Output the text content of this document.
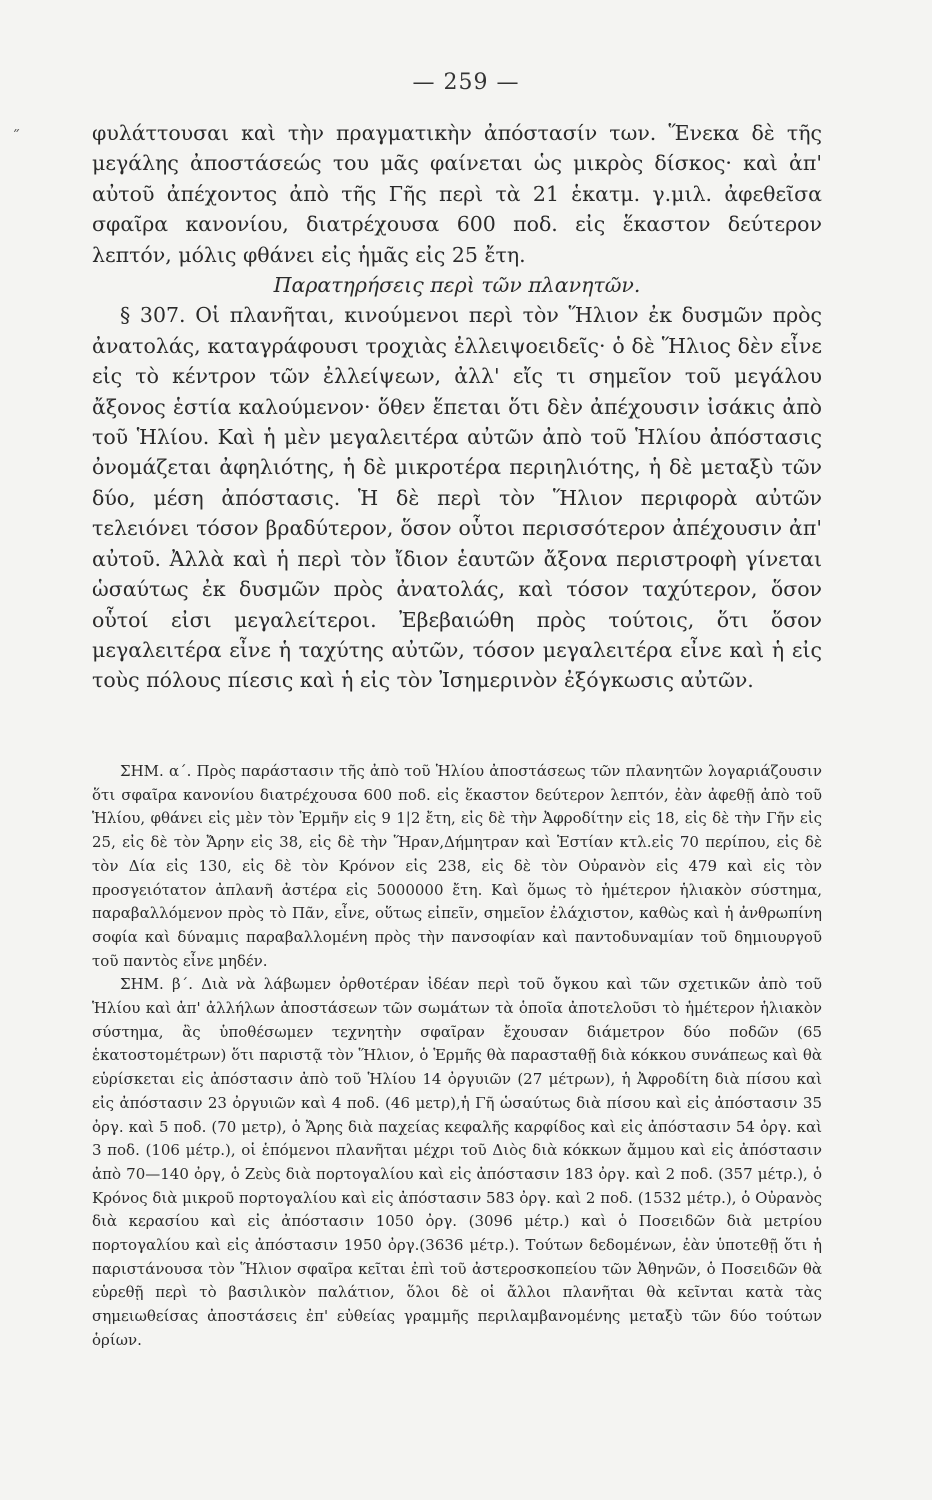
˝
— 259 —

φυλάττουσαι καὶ τὴν πραγματικὴν ἀπόστασίν των. Ἕνεκα δὲ τῆς μεγάλης ἀποστάσεώς του μᾶς φαίνεται ὡς μικρὸς δίσκος· καὶ ἀπ' αὐτοῦ ἀπέχοντος ἀπὸ τῆς Γῆς περὶ τὰ 21 ἑκατμ. γ.μιλ. ἀφεθεῖσα σφαῖρα κανονίου, διατρέχουσα 600 ποδ. εἰς ἕκαστον δεύτερον λεπτόν, μόλις φθάνει εἰς ἡμᾶς εἰς 25 ἔτη.

Παρατηρήσεις περὶ τῶν πλανητῶν.

§ 307. Οἱ πλανῆται, κινούμενοι περὶ τὸν Ἥλιον ἐκ δυσμῶν πρὸς ἀνατολάς, καταγράφουσι τροχιὰς ἐλλειψοειδεῖς· ὁ δὲ Ἥλιος δὲν εἶνε εἰς τὸ κέντρον τῶν ἐλλείψεων, ἀλλ' εἴς τι σημεῖον τοῦ μεγάλου ἄξονος ἑστία καλούμενον· ὅθεν ἕπεται ὅτι δὲν ἀπέχουσιν ἰσάκις ἀπὸ τοῦ Ἡλίου. Καὶ ἡ μὲν μεγαλειτέρα αὐτῶν ἀπὸ τοῦ Ἡλίου ἀπόστασις ὀνομάζεται ἀφηλιότης, ἡ δὲ μικροτέρα περιηλιότης, ἡ δὲ μεταξὺ τῶν δύο, μέση ἀπόστασις. Ἡ δὲ περὶ τὸν Ἥλιον περιφορὰ αὐτῶν τελειόνει τόσον βραδύτερον, ὅσον οὗτοι περισσότερον ἀπέχουσιν ἀπ' αὐτοῦ. Ἀλλὰ καὶ ἡ περὶ τὸν ἴδιον ἑαυτῶν ἄξονα περιστροφὴ γίνεται ὡσαύτως ἐκ δυσμῶν πρὸς ἀνατολάς, καὶ τόσον ταχύτερον, ὅσον οὗτοί εἰσι μεγαλείτεροι. Ἐβεβαιώθη πρὸς τούτοις, ὅτι ὅσον μεγαλειτέρα εἶνε ἡ ταχύτης αὐτῶν, τόσον μεγαλειτέρα εἶνε καὶ ἡ εἰς τοὺς πόλους πίεσις καὶ ἡ εἰς τὸν Ἰσημερινὸν ἐξόγκωσις αὐτῶν.

ΣΗΜ. α΄. Πρὸς παράστασιν τῆς ἀπὸ τοῦ Ἡλίου ἀποστάσεως τῶν πλανητῶν λογαριάζουσιν ὅτι σφαῖρα κανονίου διατρέχουσα 600 ποδ. εἰς ἕκαστον δεύτερον λεπτόν, ἐὰν ἀφεθῇ ἀπὸ τοῦ Ἡλίου, φθάνει εἰς μὲν τὸν Ἑρμῆν εἰς 9 1|2 ἔτη, εἰς δὲ τὴν Ἀφροδίτην εἰς 18, εἰς δὲ τὴν Γῆν εἰς 25, εἰς δὲ τὸν Ἄρην εἰς 38, εἰς δὲ τὴν Ἥραν,Δήμητραν καὶ Ἑστίαν κτλ.εἰς 70 περίπου, εἰς δὲ τὸν Δία εἰς 130, εἰς δὲ τὸν Κρόνον εἰς 238, εἰς δὲ τὸν Οὐρανὸν εἰς 479 καὶ εἰς τὸν προσγειότατον ἀπλανῆ ἀστέρα εἰς 5000000 ἔτη. Καὶ ὅμως τὸ ἡμέτερον ἡλιακὸν σύστημα, παραβαλλόμενον πρὸς τὸ Πᾶν, εἶνε, οὕτως εἰπεῖν, σημεῖον ἐλάχιστον, καθὼς καὶ ἡ ἀνθρωπίνη σοφία καὶ δύναμις παραβαλλομένη πρὸς τὴν πανσοφίαν καὶ παντοδυναμίαν τοῦ δημιουργοῦ τοῦ παντὸς εἶνε μηδέν.

ΣΗΜ. β΄. Διὰ νὰ λάβωμεν ὀρθοτέραν ἰδέαν περὶ τοῦ ὄγκου καὶ τῶν σχετικῶν ἀπὸ τοῦ Ἡλίου καὶ ἀπ' ἀλλήλων ἀποστάσεων τῶν σωμάτων τὰ ὁποῖα ἀποτελοῦσι τὸ ἡμέτερον ἡλιακὸν σύστημα, ἂς ὑποθέσωμεν τεχνητὴν σφαῖραν ἔχουσαν διάμετρον δύο ποδῶν (65 ἑκατοστομέτρων) ὅτι παριστᾷ τὸν Ἥλιον, ὁ Ἑρμῆς θὰ παρασταθῇ διὰ κόκκου συνάπεως καὶ θὰ εὑρίσκεται εἰς ἀπόστασιν ἀπὸ τοῦ Ἡλίου 14 ὀργυιῶν (27 μέτρων), ἡ Ἀφροδίτη διὰ πίσου καὶ εἰς ἀπόστασιν 23 ὀργυιῶν καὶ 4 ποδ. (46 μετρ),ἡ Γῆ ὡσαύτως διὰ πίσου καὶ εἰς ἀπόστασιν 35 ὀργ. καὶ 5 ποδ. (70 μετρ), ὁ Ἄρης διὰ παχείας κεφαλῆς καρφίδος καὶ εἰς ἀπόστασιν 54 ὀργ. καὶ 3 ποδ. (106 μέτρ.), οἱ ἑπόμενοι πλανῆται μέχρι τοῦ Διὸς διὰ κόκκων ἄμμου καὶ εἰς ἀπόστασιν ἀπὸ 70—140 ὀργ, ὁ Ζεὺς διὰ πορτογαλίου καὶ εἰς ἀπόστασιν 183 ὀργ. καὶ 2 ποδ. (357 μέτρ.), ὁ Κρόνος διὰ μικροῦ πορτογαλίου καὶ εἰς ἀπόστασιν 583 ὀργ. καὶ 2 ποδ. (1532 μέτρ.), ὁ Οὐρανὸς διὰ κερασίου καὶ εἰς ἀπόστασιν 1050 ὀργ. (3096 μέτρ.) καὶ ὁ Ποσειδῶν διὰ μετρίου πορτογαλίου καὶ εἰς ἀπόστασιν 1950 ὀργ.(3636 μέτρ.). Τούτων δεδομένων, ἐὰν ὑποτεθῇ ὅτι ἡ παριστάνουσα τὸν Ἥλιον σφαῖρα κεῖται ἐπὶ τοῦ ἀστεροσκοπείου τῶν Ἀθηνῶν, ὁ Ποσειδῶν θὰ εὑρεθῇ περὶ τὸ βασιλικὸν παλάτιον, ὅλοι δὲ οἱ ἄλλοι πλανῆται θὰ κεῖνται κατὰ τὰς σημειωθείσας ἀποστάσεις ἐπ' εὐθείας γραμμῆς περιλαμβανομένης μεταξὺ τῶν δύο τούτων ὁρίων.
